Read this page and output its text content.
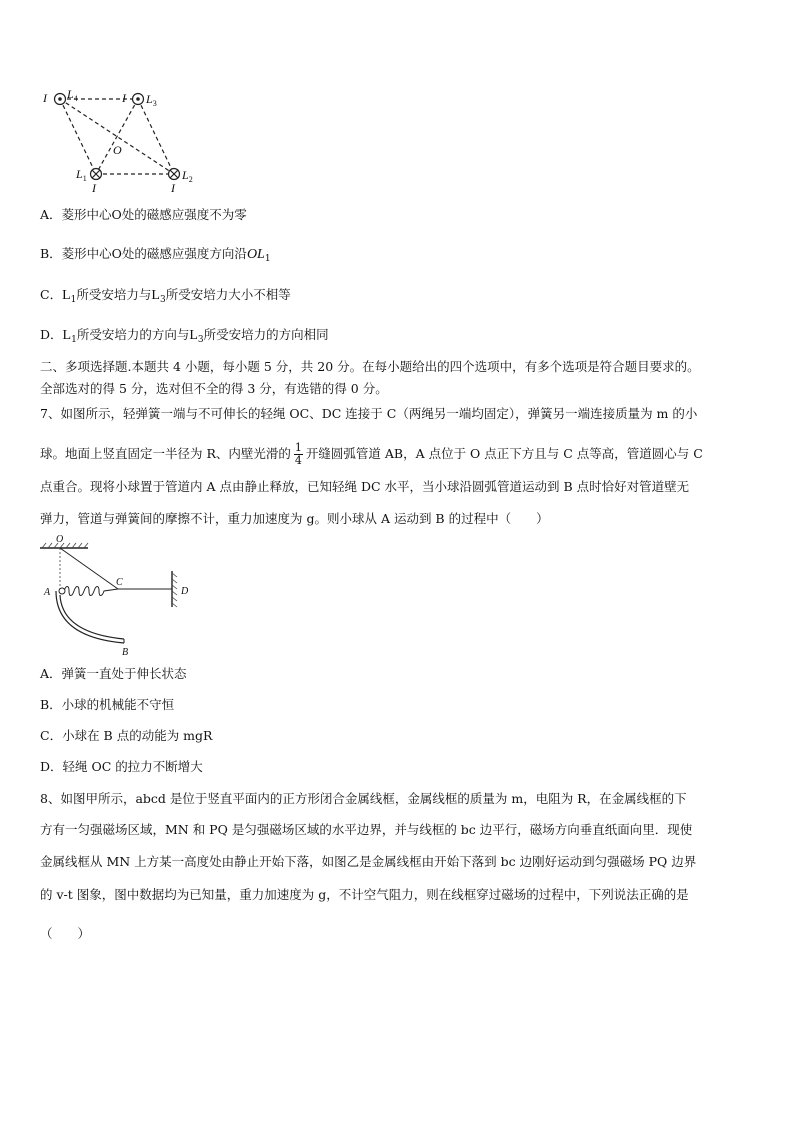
I $L_4$	I $L_3$
O
$L_1$
I
$L_2$
I
A．菱形中心O处的磁感应强度不为零
B．菱形中心O处的磁感应强度方向沿$OL_1$
C．$L_1$所受安培力与$L_3$所受安培力大小不相等
D．$L_1$所受安培力的方向与$L_3$所受安培力的方向相同
二、多项选择题.本题共 4 小题，每小题 5 分，共 20 分。在每小题给出的四个选项中，有多个选项是符合题目要求的。
全部选对的得 5 分，选对但不全的得 3 分，有选错的得 0 分。
7、如图所示，轻弹簧一端与不可伸长的轻绳 OC、DC 连接于 C（两绳另一端均固定），弹簧另一端连接质量为 m 的小
球。地面上竖直固定一半径为 R、内壁光滑的 $\frac{1}{4}$ 开缝圆弧管道 AB，A 点位于 O 点正下方且与 C 点等高，管道圆心与 C
点重合。现将小球置于管道内 A 点由静止释放，已知轻绳 DC 水平，当小球沿圆弧管道运动到 B 点时恰好对管道壁无
弹力，管道与弹簧间的摩擦不计，重力加速度为 g。则小球从 A 运动到 B 的过程中（　　）
O
A
C
D
B
A．弹簧一直处于伸长状态
B．小球的机械能不守恒
C．小球在 B 点的动能为 mgR
D．轻绳 OC 的拉力不断增大
8、如图甲所示，abcd 是位于竖直平面内的正方形闭合金属线框，金属线框的质量为 m，电阻为 R，在金属线框的下
方有一匀强磁场区域，MN 和 PQ 是匀强磁场区域的水平边界，并与线框的 bc 边平行，磁场方向垂直纸面向里．现使
金属线框从 MN 上方某一高度处由静止开始下落，如图乙是金属线框由开始下落到 bc 边刚好运动到匀强磁场 PQ 边界
的 v-t 图象，图中数据均为已知量，重力加速度为 g，不计空气阻力，则在线框穿过磁场的过程中，下列说法正确的是
（　　）
